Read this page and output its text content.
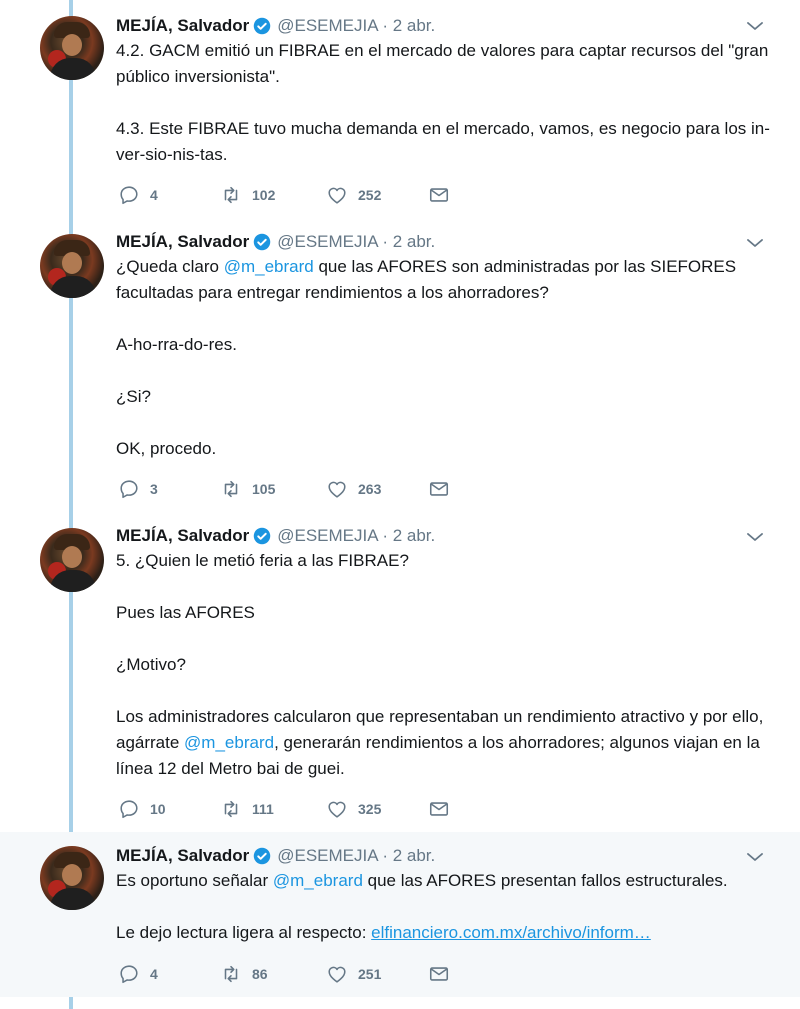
MEJÍA, Salvador @ESEMEJIA · 2 abr.

4.2. GACM emitió un FIBRAE en el mercado de valores para captar recursos del "gran público inversionista".

4.3. Este FIBRAE tuvo mucha demanda en el mercado, vamos, es negocio para los in-ver-sio-nis-tas.

4	102	252
MEJÍA, Salvador @ESEMEJIA · 2 abr.

¿Queda claro @m_ebrard que las AFORES son administradas por las SIEFORES facultadas para entregar rendimientos a los ahorradores?

A-ho-rra-do-res.

¿Si?

OK, procedo.

3	105	263
MEJÍA, Salvador @ESEMEJIA · 2 abr.

5. ¿Quien le metió feria a las FIBRAE?

Pues las AFORES

¿Motivo?

Los administradores calcularon que representaban un rendimiento atractivo y por ello, agárrate @m_ebrard, generarán rendimientos a los ahorradores; algunos viajan en la línea 12 del Metro bai de guei.

10	111	325
MEJÍA, Salvador @ESEMEJIA · 2 abr.

Es oportuno señalar @m_ebrard que las AFORES presentan fallos estructurales.

Le dejo lectura ligera al respecto: elfinanciero.com.mx/archivo/inform…

4	86	251
